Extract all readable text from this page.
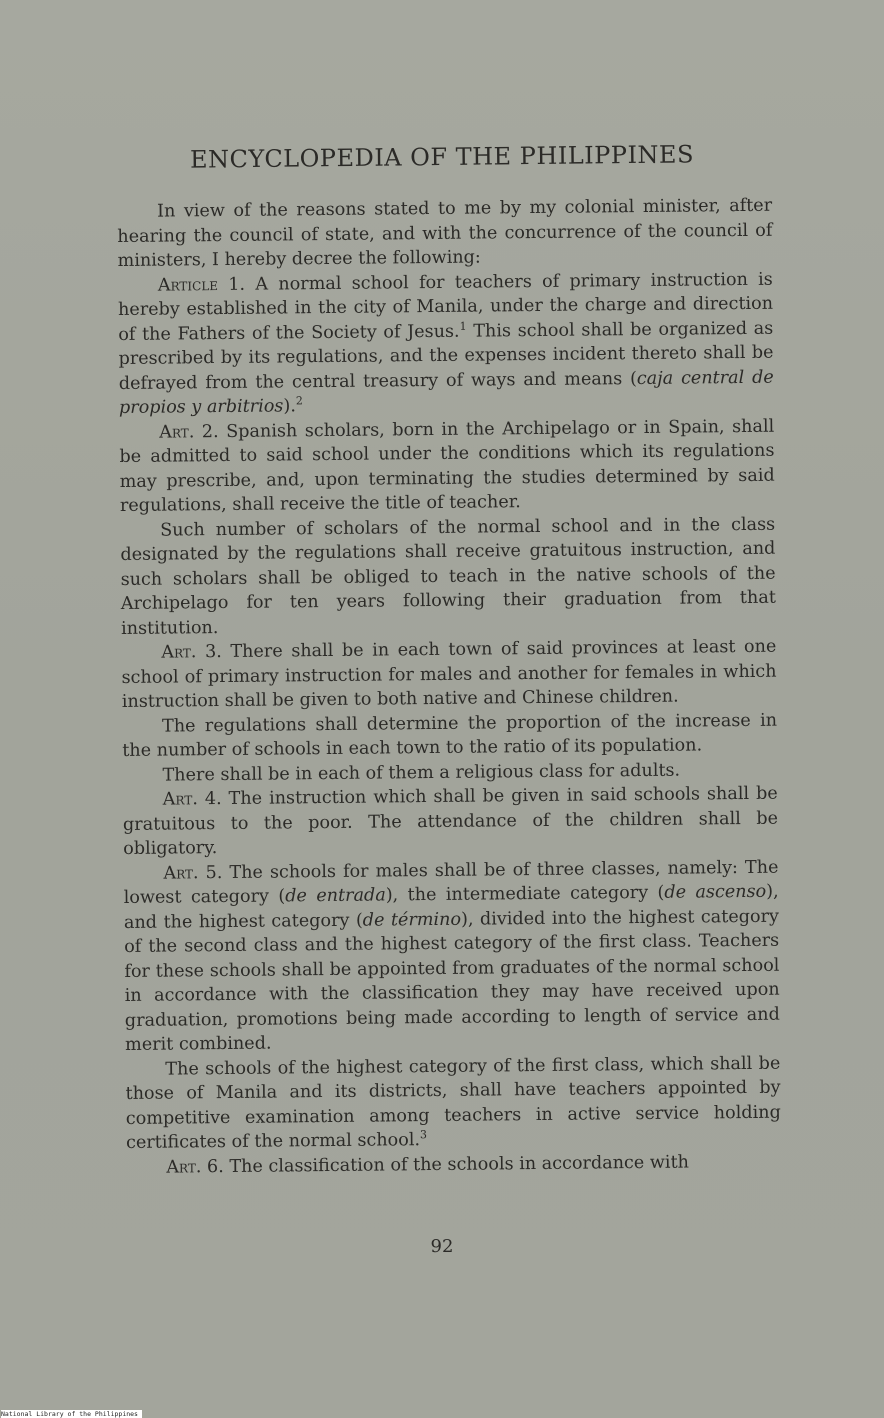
ENCYCLOPEDIA OF THE PHILIPPINES

In view of the reasons stated to me by my colonial minister, after hearing the council of state, and with the concurrence of the council of ministers, I hereby decree the following:

Article 1. A normal school for teachers of primary instruction is hereby established in the city of Manila, under the charge and direction of the Fathers of the Society of Jesus.$^1$ This school shall be organized as prescribed by its regulations, and the expenses incident thereto shall be defrayed from the central treasury of ways and means (caja central de propios y arbitrios).$^2$

Art. 2. Spanish scholars, born in the Archipelago or in Spain, shall be admitted to said school under the conditions which its regulations may prescribe, and, upon terminating the studies determined by said regulations, shall receive the title of teacher.

Such number of scholars of the normal school and in the class designated by the regulations shall receive gratuitous instruction, and such scholars shall be obliged to teach in the native schools of the Archipelago for ten years following their graduation from that institution.

Art. 3. There shall be in each town of said provinces at least one school of primary instruction for males and another for females in which instruction shall be given to both native and Chinese children.

The regulations shall determine the proportion of the increase in the number of schools in each town to the ratio of its population.

There shall be in each of them a religious class for adults.

Art. 4. The instruction which shall be given in said schools shall be gratuitous to the poor. The attendance of the children shall be obligatory.

Art. 5. The schools for males shall be of three classes, namely: The lowest category (de entrada), the intermediate category (de ascenso), and the highest category (de término), divided into the highest category of the second class and the highest category of the first class. Teachers for these schools shall be appointed from graduates of the normal school in accordance with the classification they may have received upon graduation, promotions being made according to length of service and merit combined.

The schools of the highest category of the first class, which shall be those of Manila and its districts, shall have teachers appointed by competitive examination among teachers in active service holding certificates of the normal school.$^3$

Art. 6. The classification of the schools in accordance with

92
National Library of the Philippines
